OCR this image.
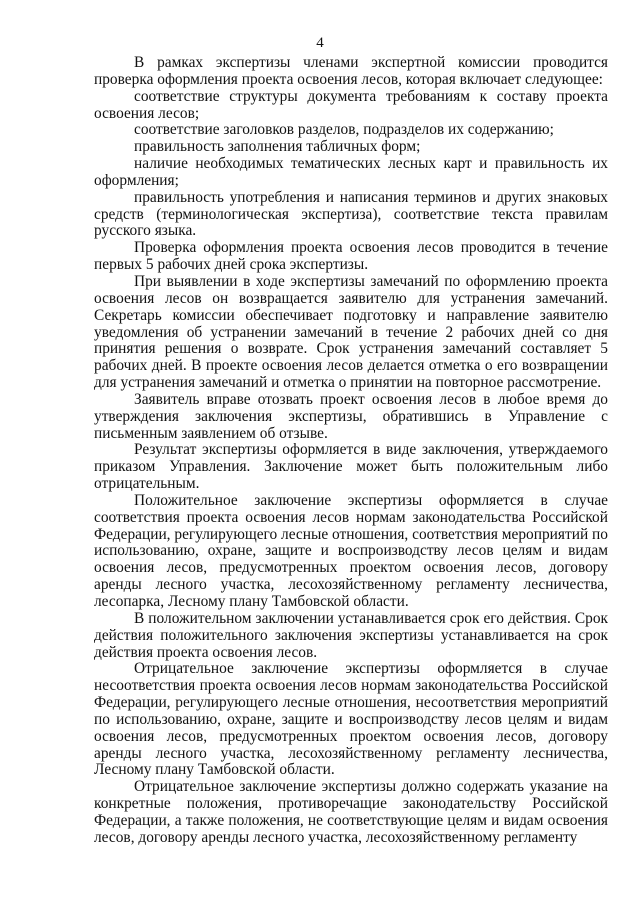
4

В рамках экспертизы членами экспертной комиссии проводится проверка оформления проекта освоения лесов, которая включает следующее:

соответствие структуры документа требованиям к составу проекта освоения лесов;

соответствие заголовков разделов, подразделов их содержанию;

правильность заполнения табличных форм;

наличие необходимых тематических лесных карт и правильность их оформления;

правильность употребления и написания терминов и других знаковых средств (терминологическая экспертиза), соответствие текста правилам русского языка.

Проверка оформления проекта освоения лесов проводится в течение первых 5 рабочих дней срока экспертизы.

При выявлении в ходе экспертизы замечаний по оформлению проекта освоения лесов он возвращается заявителю для устранения замечаний. Секретарь комиссии обеспечивает подготовку и направление заявителю уведомления об устранении замечаний в течение 2 рабочих дней со дня принятия решения о возврате. Срок устранения замечаний составляет 5 рабочих дней. В проекте освоения лесов делается отметка о его возвращении для устранения замечаний и отметка о принятии на повторное рассмотрение.

Заявитель вправе отозвать проект освоения лесов в любое время до утверждения заключения экспертизы, обратившись в Управление с письменным заявлением об отзыве.

Результат экспертизы оформляется в виде заключения, утверждаемого приказом Управления. Заключение может быть положительным либо отрицательным.

Положительное заключение экспертизы оформляется в случае соответствия проекта освоения лесов нормам законодательства Российской Федерации, регулирующего лесные отношения, соответствия мероприятий по использованию, охране, защите и воспроизводству лесов целям и видам освоения лесов, предусмотренных проектом освоения лесов, договору аренды лесного участка, лесохозяйственному регламенту лесничества, лесопарка, Лесному плану Тамбовской области.

В положительном заключении устанавливается срок его действия. Срок действия положительного заключения экспертизы устанавливается на срок действия проекта освоения лесов.

Отрицательное заключение экспертизы оформляется в случае несоответствия проекта освоения лесов нормам законодательства Российской Федерации, регулирующего лесные отношения, несоответствия мероприятий по использованию, охране, защите и воспроизводству лесов целям и видам освоения лесов, предусмотренных проектом освоения лесов, договору аренды лесного участка, лесохозяйственному регламенту лесничества, Лесному плану Тамбовской области.

Отрицательное заключение экспертизы должно содержать указание на конкретные положения, противоречащие законодательству Российской Федерации, а также положения, не соответствующие целям и видам освоения лесов, договору аренды лесного участка, лесохозяйственному регламенту
